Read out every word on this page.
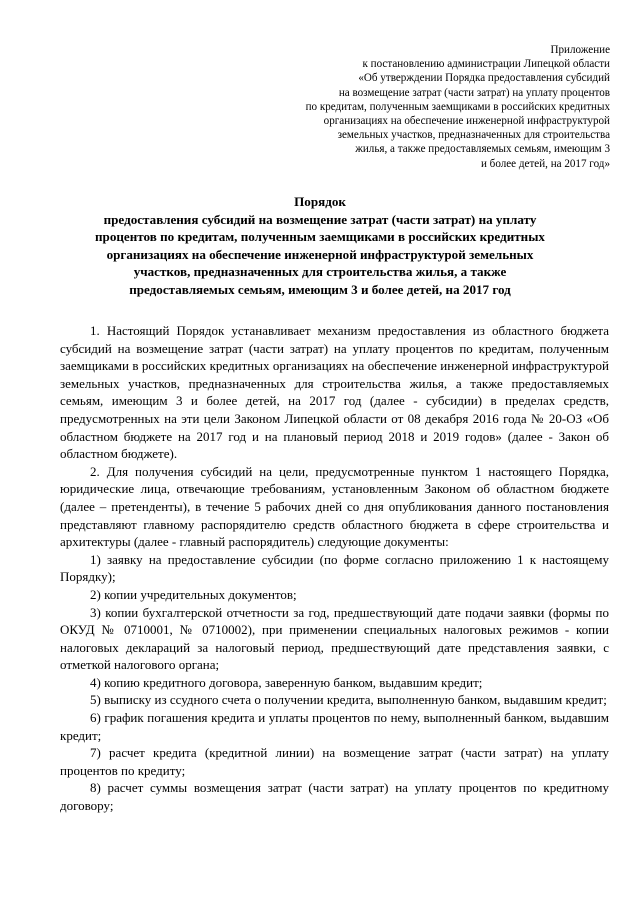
Приложение
к постановлению администрации Липецкой области
«Об утверждении Порядка предоставления субсидий
на возмещение затрат (части затрат) на уплату процентов
по кредитам, полученным заемщиками в российских кредитных
организациях на обеспечение инженерной инфраструктурой
земельных участков, предназначенных для строительства
жилья, а также предоставляемых семьям, имеющим 3
и более детей, на 2017 год»
Порядок
предоставления субсидий на возмещение затрат (части затрат) на уплату
процентов по кредитам, полученным заемщиками в российских кредитных
организациях на обеспечение инженерной инфраструктурой земельных
участков, предназначенных для строительства жилья, а также
предоставляемых семьям, имеющим 3 и более детей, на 2017 год

1. Настоящий Порядок устанавливает механизм предоставления из областного бюджета субсидий на возмещение затрат (части затрат) на уплату процентов по кредитам, полученным заемщиками в российских кредитных организациях на обеспечение инженерной инфраструктурой земельных участков, предназначенных для строительства жилья, а также предоставляемых семьям, имеющим 3 и более детей, на 2017 год (далее - субсидии) в пределах средств, предусмотренных на эти цели Законом Липецкой области от 08 декабря 2016 года № 20-ОЗ «Об областном бюджете на 2017 год и на плановый период 2018 и 2019 годов» (далее - Закон об областном бюджете).

2. Для получения субсидий на цели, предусмотренные пунктом 1 настоящего Порядка, юридические лица, отвечающие требованиям, установленным Законом об областном бюджете (далее – претенденты), в течение 5 рабочих дней со дня опубликования данного постановления представляют главному распорядителю средств областного бюджета в сфере строительства и архитектуры (далее - главный распорядитель) следующие документы:

1) заявку на предоставление субсидии (по форме согласно приложению 1 к настоящему Порядку);

2) копии учредительных документов;

3) копии бухгалтерской отчетности за год, предшествующий дате подачи заявки (формы по ОКУД № 0710001, № 0710002), при применении специальных налоговых режимов - копии налоговых деклараций за налоговый период, предшествующий дате представления заявки, с отметкой налогового органа;

4) копию кредитного договора, заверенную банком, выдавшим кредит;

5) выписку из ссудного счета о получении кредита, выполненную банком, выдавшим кредит;

6) график погашения кредита и уплаты процентов по нему, выполненный банком, выдавшим кредит;

7) расчет кредита (кредитной линии) на возмещение затрат (части затрат) на уплату процентов по кредиту;

8) расчет суммы возмещения затрат (части затрат) на уплату процентов по кредитному договору;
